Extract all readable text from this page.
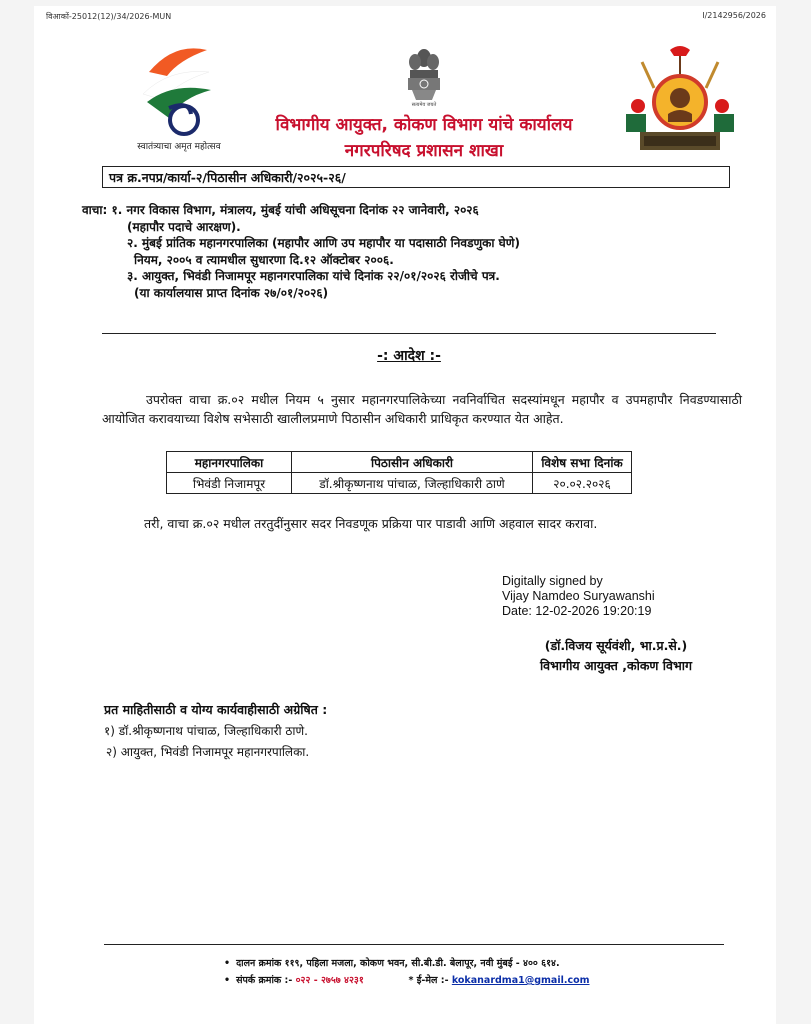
विआकों-25012(12)/34/2026-MUN	I/2142956/2026
स्वातंत्र्याचा अमृत महोत्सव
सत्यमेव जयते
विभागीय आयुक्त, कोकण विभाग यांचे कार्यालय
नगरपरिषद प्रशासन शाखा
पत्र क्र.नपप्र/कार्या-२/पिठासीन अधिकारी/२०२५-२६/
वाचा: १. नगर विकास विभाग, मंत्रालय, मुंबई यांची अधिसूचना दिनांक २२ जानेवारी, २०२६
(महापौर पदाचे आरक्षण).
२. मुंबई प्रांतिक महानगरपालिका (महापौर आणि उप महापौर या पदासाठी निवडणुका घेणे)
नियम, २००५ व त्यामधील सुधारणा दि.१२ ऑक्टोबर २००६.
३. आयुक्त, भिवंडी निजामपूर महानगरपालिका यांचे दिनांक २२/०१/२०२६ रोजीचे पत्र.
(या कार्यालयास प्राप्त दिनांक २७/०१/२०२६)
-: आदेश :-
उपरोक्त वाचा क्र.०२ मधील नियम ५ नुसार महानगरपालिकेच्या नवनिर्वाचित सदस्यांमधून महापौर व उपमहापौर निवडण्यासाठी आयोजित करावयाच्या विशेष सभेसाठी खालीलप्रमाणे पिठासीन अधिकारी प्राधिकृत करण्यात येत आहेत.
महानगरपालिका	पिठासीन अधिकारी	विशेष सभा दिनांक
भिवंडी निजामपूर	डॉ.श्रीकृष्णनाथ पांचाळ, जिल्हाधिकारी ठाणे	२०.०२.२०२६
तरी, वाचा क्र.०२ मधील तरतुदींनुसार सदर निवडणूक प्रक्रिया पार पाडावी आणि अहवाल सादर करावा.
Digitally signed by
Vijay Namdeo Suryawanshi
Date: 12-02-2026 19:20:19
(डॉ.विजय सूर्यवंशी, भा.प्र.से.)
विभागीय आयुक्त ,कोकण विभाग
प्रत माहितीसाठी व योग्य कार्यवाहीसाठी अग्रेषित :
१) डॉ.श्रीकृष्णनाथ पांचाळ, जिल्हाधिकारी ठाणे.
२) आयुक्त, भिवंडी निजामपूर महानगरपालिका.
• दालन क्रमांक ११९, पहिला मजला, कोकण भवन, सी.बी.डी. बेलापूर, नवी मुंबई - ४०० ६१४.
• संपर्क क्रमांक :- ०२२ - २७५७ ४२३१	* ई-मेल :- kokanardma1@gmail.com
